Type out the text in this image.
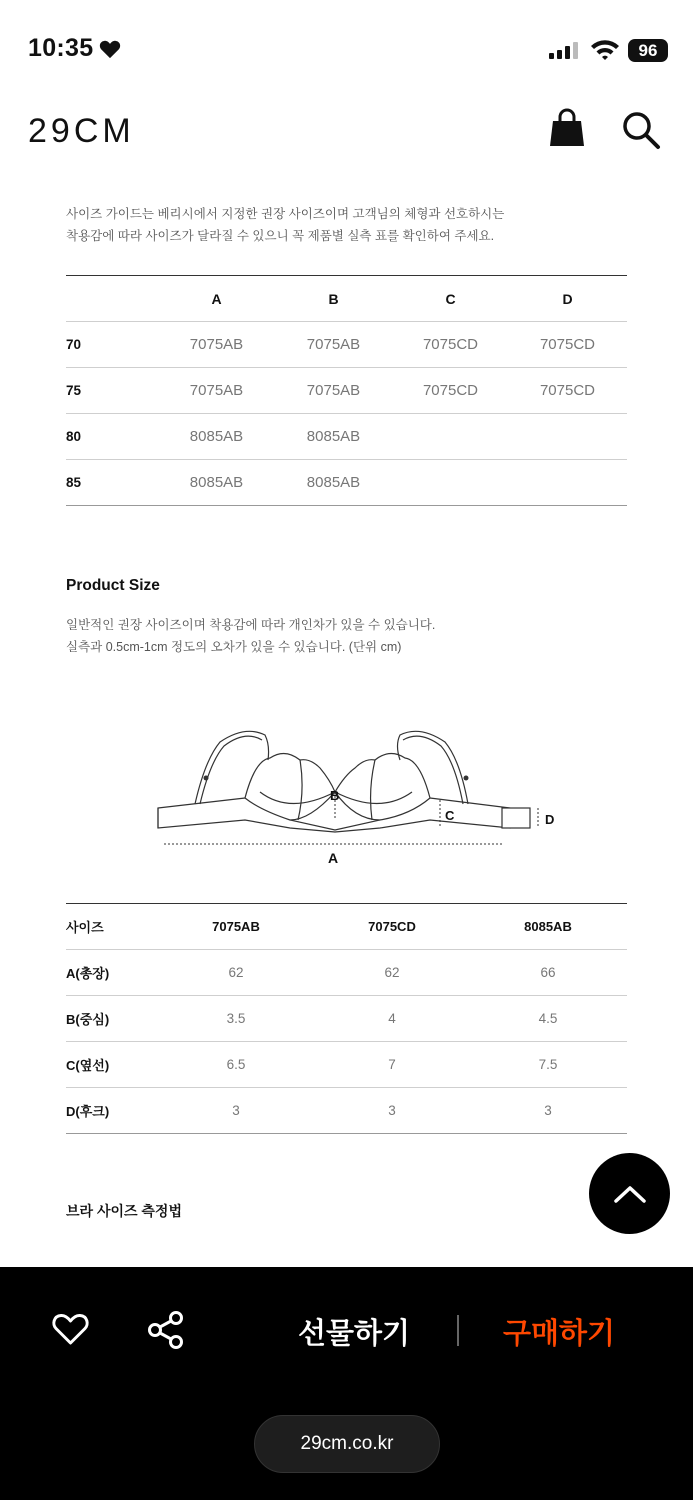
10:35	96
29CM
사이즈 가이드는 베리시에서 지정한 권장 사이즈이며 고객님의 체형과 선호하시는
착용감에 따라 사이즈가 달라질 수 있으니 꼭 제품별 실측 표를 확인하여 주세요.
A	B	C	D
70	7075AB	7075AB	7075CD	7075CD
75	7075AB	7075AB	7075CD	7075CD
80	8085AB	8085AB
85	8085AB	8085AB
Product Size
일반적인 권장 사이즈이며 착용감에 따라 개인차가 있을 수 있습니다.
실측과 0.5cm-1cm 정도의 오차가 있을 수 있습니다. (단위 cm)
A
B
C	D
사이즈	7075AB	7075CD	8085AB
A(총장)	62	62	66
B(중심)	3.5	4	4.5
C(옆선)	6.5	7	7.5
D(후크)	3	3	3
브라 사이즈 측정법
선물하기	구매하기
29cm.co.kr
